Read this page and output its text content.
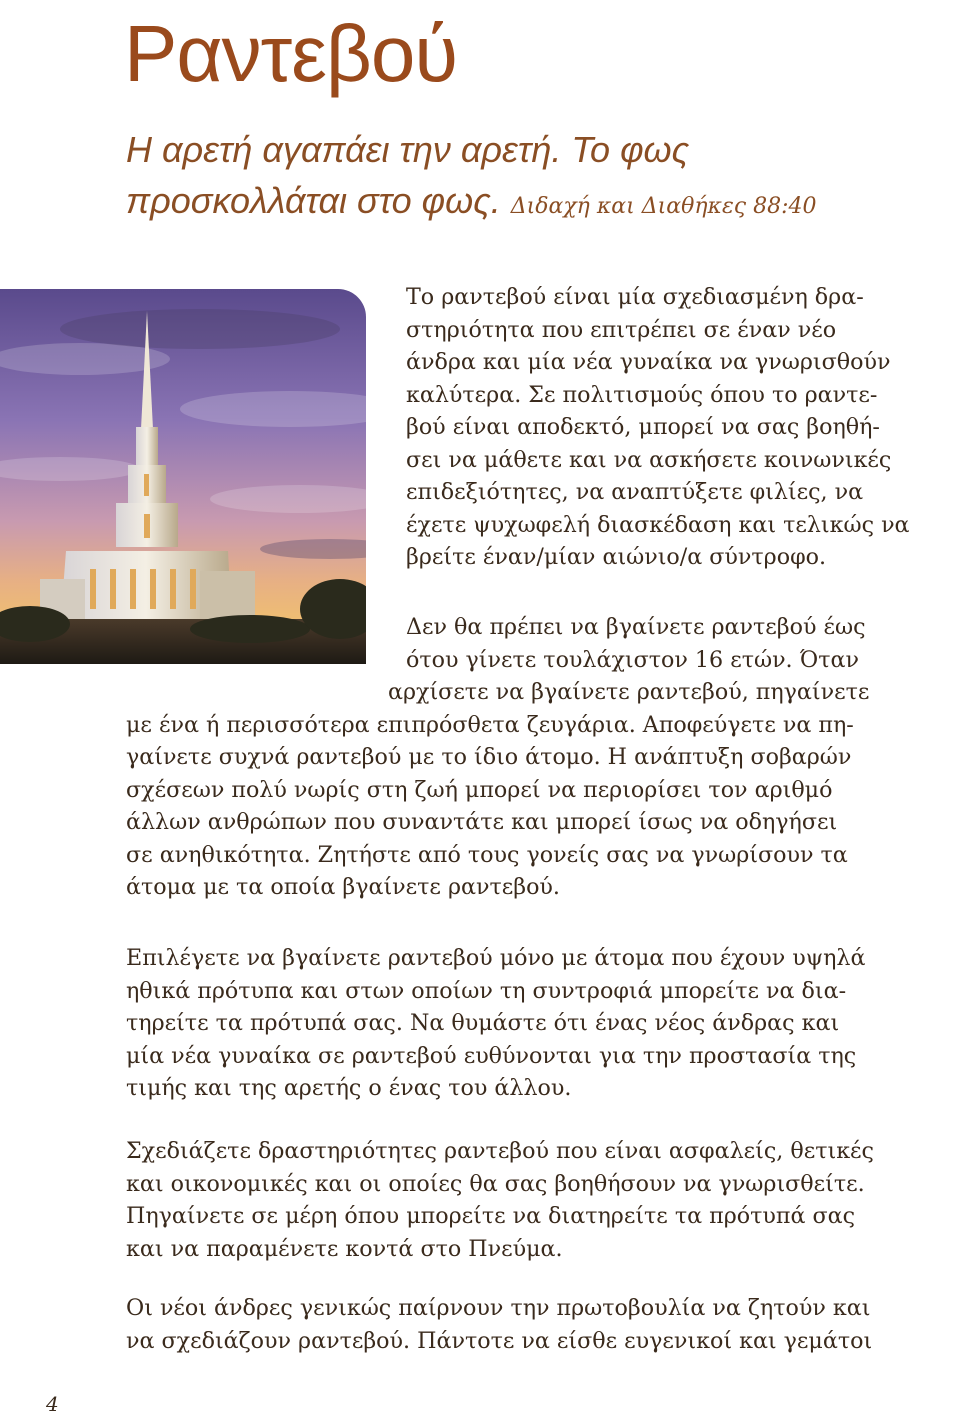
Ραντεβού

Η αρετή αγαπάει την αρετή. Το φως
προσκολλάται στο φως. Διδαχή και Διαθήκες 88:40

Το ραντεβού είναι μία σχεδιασμένη δρα-
στηριότητα που επιτρέπει σε έναν νέο
άνδρα και μία νέα γυναίκα να γνωρισθούν
καλύτερα. Σε πολιτισμούς όπου το ραντε-
βού είναι αποδεκτό, μπορεί να σας βοηθή-
σει να μάθετε και να ασκήσετε κοινωνικές
επιδεξιότητες, να αναπτύξετε φιλίες, να
έχετε ψυχωφελή διασκέδαση και τελικώς να
βρείτε έναν/μίαν αιώνιο/α σύντροφο.
Δεν θα πρέπει να βγαίνετε ραντεβού έως
ότου γίνετε τουλάχιστον 16 ετών. Όταν
αρχίσετε να βγαίνετε ραντεβού, πηγαίνετε
με ένα ή περισσότερα επιπρόσθετα ζευγάρια. Αποφεύγετε να πη-
γαίνετε συχνά ραντεβού με το ίδιο άτομο. Η ανάπτυξη σοβαρών
σχέσεων πολύ νωρίς στη ζωή μπορεί να περιορίσει τον αριθμό
άλλων ανθρώπων που συναντάτε και μπορεί ίσως να οδηγήσει
σε ανηθικότητα. Ζητήστε από τους γονείς σας να γνωρίσουν τα
άτομα με τα οποία βγαίνετε ραντεβού.
Επιλέγετε να βγαίνετε ραντεβού μόνο με άτομα που έχουν υψηλά
ηθικά πρότυπα και στων οποίων τη συντροφιά μπορείτε να δια-
τηρείτε τα πρότυπά σας. Να θυμάστε ότι ένας νέος άνδρας και
μία νέα γυναίκα σε ραντεβού ευθύνονται για την προστασία της
τιμής και της αρετής ο ένας του άλλου.
Σχεδιάζετε δραστηριότητες ραντεβού που είναι ασφαλείς, θετικές
και οικονομικές και οι οποίες θα σας βοηθήσουν να γνωρισθείτε.
Πηγαίνετε σε μέρη όπου μπορείτε να διατηρείτε τα πρότυπά σας
και να παραμένετε κοντά στο Πνεύμα.
Οι νέοι άνδρες γενικώς παίρνουν την πρωτοβουλία να ζητούν και
να σχεδιάζουν ραντεβού. Πάντοτε να είσθε ευγενικοί και γεμάτοι
4
